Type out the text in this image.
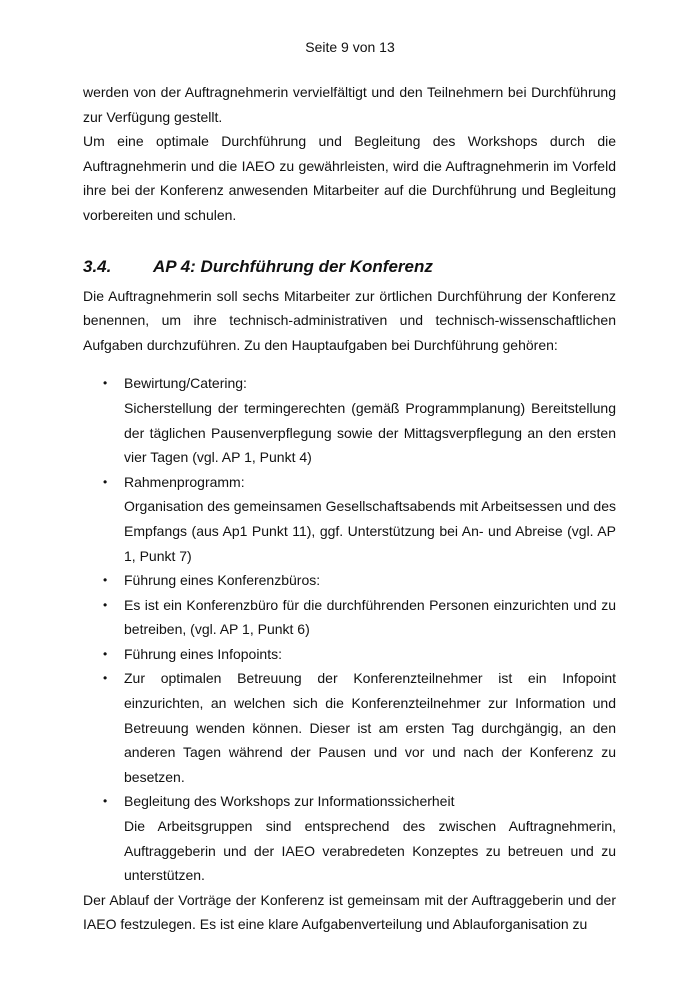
Seite 9 von 13

werden von der Auftragnehmerin vervielfältigt und den Teilnehmern bei Durchführung zur Verfügung gestellt.

Um eine optimale Durchführung und Begleitung des Workshops durch die Auftragnehmerin und die IAEO zu gewährleisten, wird die Auftragnehmerin im Vorfeld ihre bei der Konferenz anwesenden Mitarbeiter auf die Durchführung und Begleitung vorbereiten und schulen.

3.4.	AP 4: Durchführung der Konferenz

Die Auftragnehmerin soll sechs Mitarbeiter zur örtlichen Durchführung der Konferenz benennen, um ihre technisch-administrativen und technisch-wissenschaftlichen Aufgaben durchzuführen. Zu den Hauptaufgaben bei Durchführung gehören:

• Bewirtung/Catering:
Sicherstellung der termingerechten (gemäß Programmplanung) Bereitstellung der täglichen Pausenverpflegung sowie der Mittagsverpflegung an den ersten vier Tagen (vgl. AP 1, Punkt 4)
• Rahmenprogramm:
Organisation des gemeinsamen Gesellschaftsabends mit Arbeitsessen und des Empfangs (aus Ap1 Punkt 11), ggf. Unterstützung bei An- und Abreise (vgl. AP 1, Punkt 7)
• Führung eines Konferenzbüros:
• Es ist ein Konferenzbüro für die durchführenden Personen einzurichten und zu betreiben, (vgl. AP 1, Punkt 6)
• Führung eines Infopoints:
• Zur optimalen Betreuung der Konferenzteilnehmer ist ein Infopoint einzurichten, an welchen sich die Konferenzteilnehmer zur Information und Betreuung wenden können. Dieser ist am ersten Tag durchgängig, an den anderen Tagen während der Pausen und vor und nach der Konferenz zu besetzen.
• Begleitung des Workshops zur Informationssicherheit
Die Arbeitsgruppen sind entsprechend des zwischen Auftragnehmerin, Auftraggeberin und der IAEO verabredeten Konzeptes zu betreuen und zu unterstützen.

Der Ablauf der Vorträge der Konferenz ist gemeinsam mit der Auftraggeberin und der IAEO festzulegen. Es ist eine klare Aufgabenverteilung und Ablauforganisation zu
